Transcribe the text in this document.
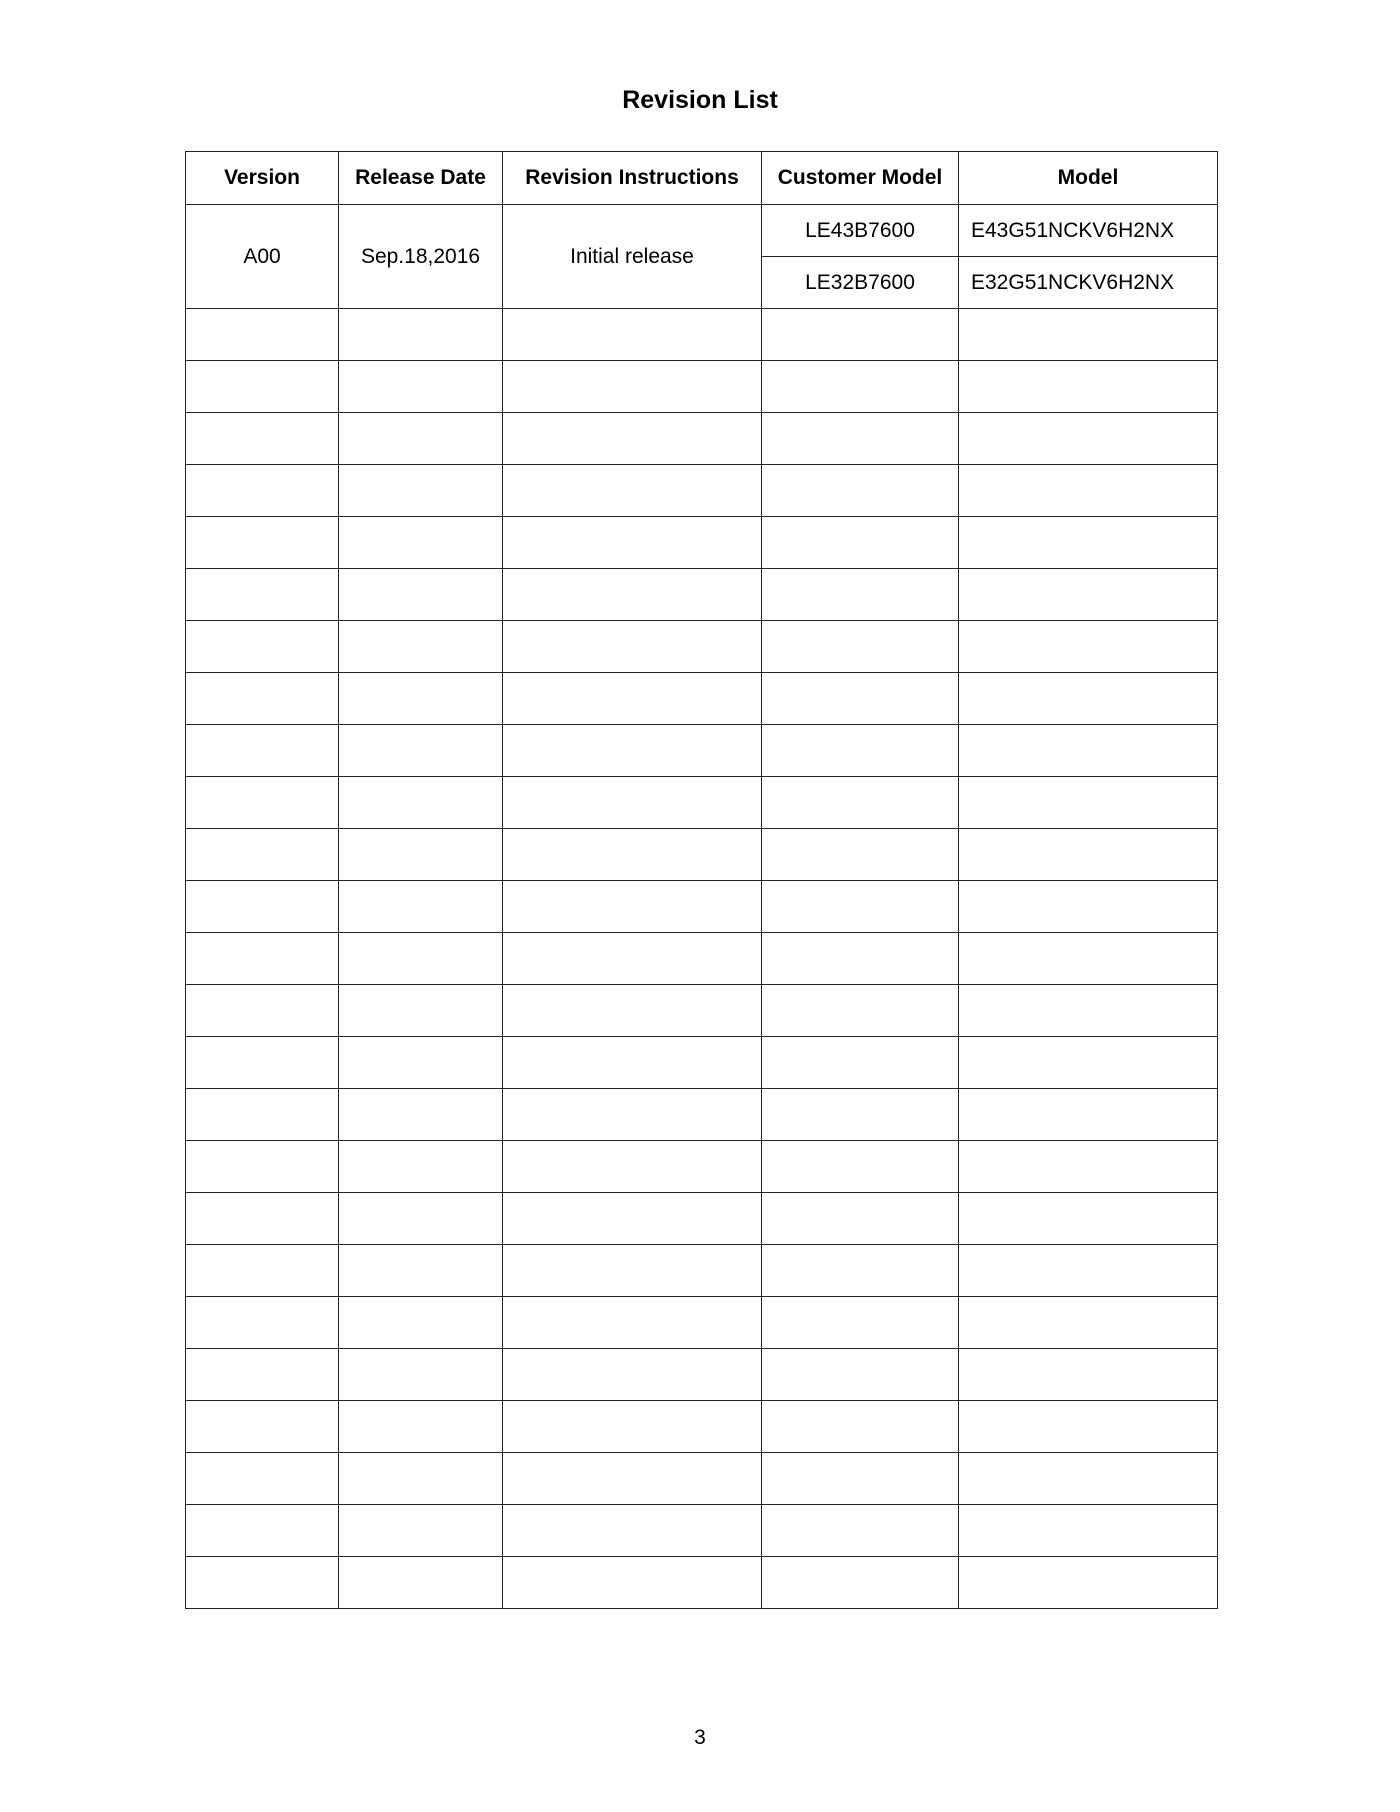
Revision List
Version	Release Date	Revision Instructions	Customer Model	Model
A00	Sep.18,2016	Initial release	LE43B7600	E43G51NCKV6H2NX
			LE32B7600	E32G51NCKV6H2NX

3
